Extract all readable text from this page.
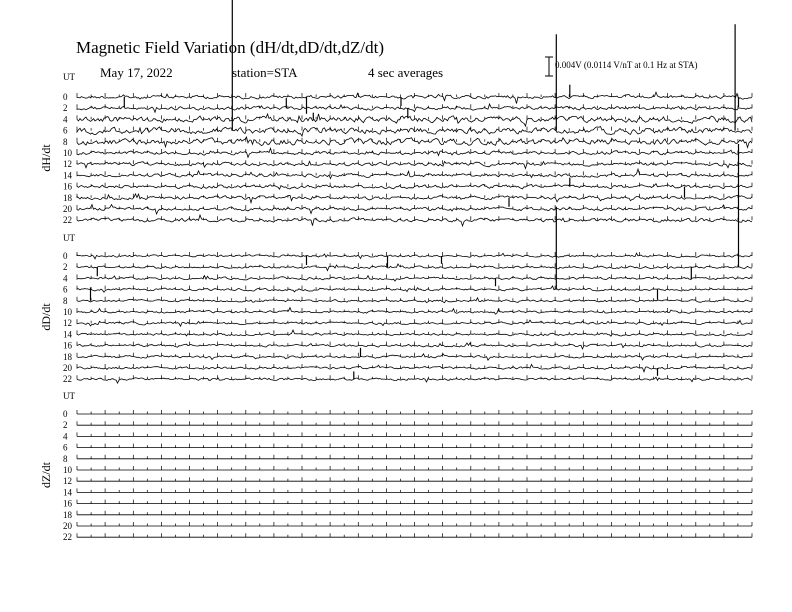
Magnetic Field Variation (dH/dt,dD/dt,dZ/dt)
May 17, 2022	station=STA	4 sec averages	0.004V (0.0114 V/nT at 0.1 Hz at STA)
UT
dH/dt
0
2
4
6
8
10
12
14
16
18
20
22
UT
dD/dt
0
2
4
6
8
10
12
14
16
18
20
22
UT
dZ/dt
0
2
4
6
8
10
12
14
16
18
20
22
